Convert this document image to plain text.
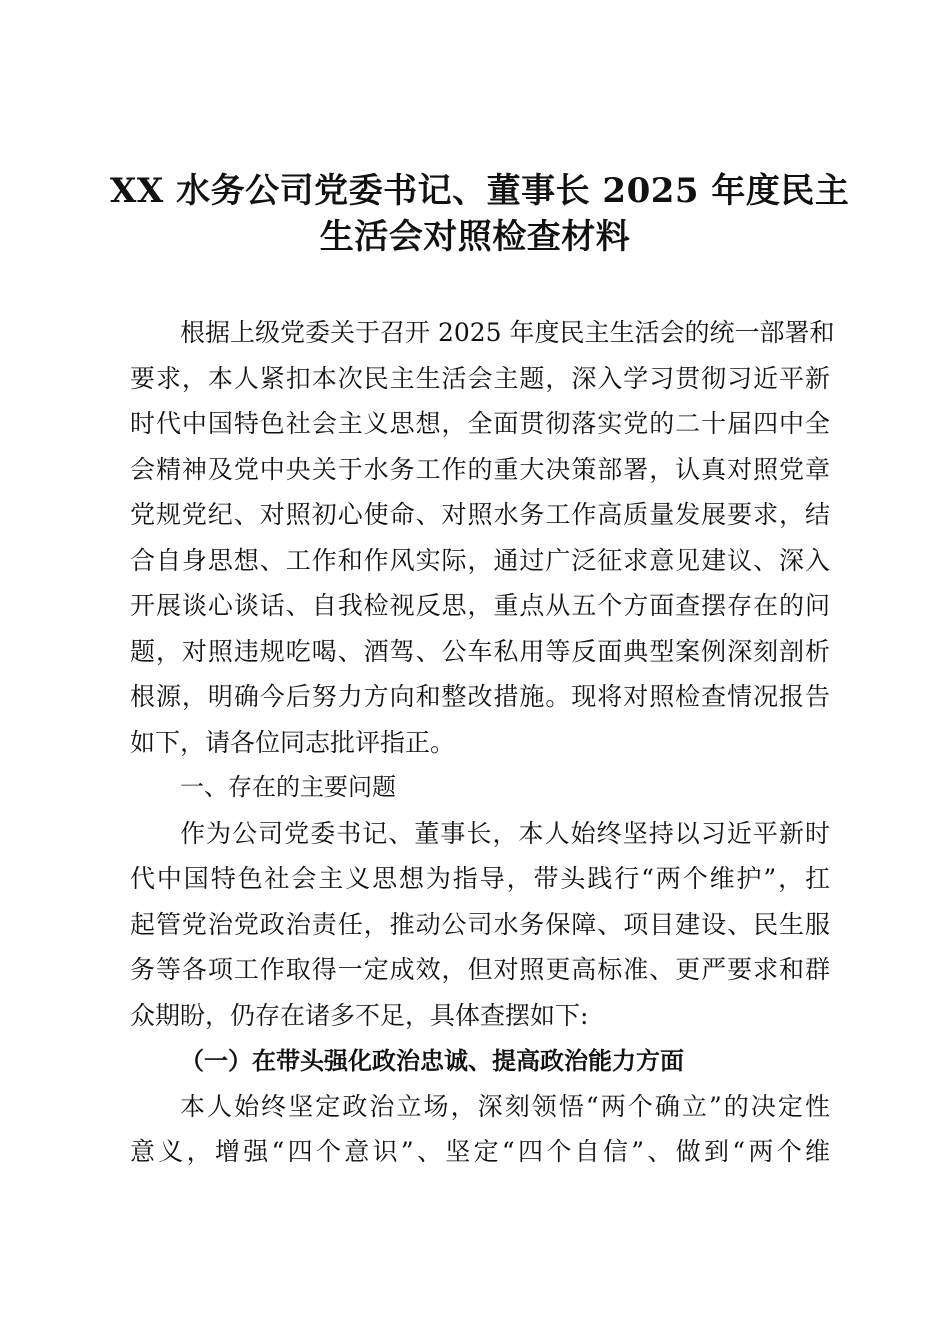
XX 水务公司党委书记、董事长 2025 年度民主
生活会对照检查材料

根据上级党委关于召开 2025 年度民主生活会的统一部署和
要求，本人紧扣本次民主生活会主题，深入学习贯彻习近平新
时代中国特色社会主义思想，全面贯彻落实党的二十届四中全
会精神及党中央关于水务工作的重大决策部署，认真对照党章
党规党纪、对照初心使命、对照水务工作高质量发展要求，结
合自身思想、工作和作风实际，通过广泛征求意见建议、深入
开展谈心谈话、自我检视反思，重点从五个方面查摆存在的问
题，对照违规吃喝、酒驾、公车私用等反面典型案例深刻剖析
根源，明确今后努力方向和整改措施。现将对照检查情况报告
如下，请各位同志批评指正。

一、存在的主要问题

作为公司党委书记、董事长，本人始终坚持以习近平新时
代中国特色社会主义思想为指导，带头践行“两个维护”，扛
起管党治党政治责任，推动公司水务保障、项目建设、民生服
务等各项工作取得一定成效，但对照更高标准、更严要求和群
众期盼，仍存在诸多不足，具体查摆如下:

（一）在带头强化政治忠诚、提高政治能力方面

本人始终坚定政治立场，深刻领悟“两个确立”的决定性
意义，增强“四个意识”、坚定“四个自信”、做到“两个维
